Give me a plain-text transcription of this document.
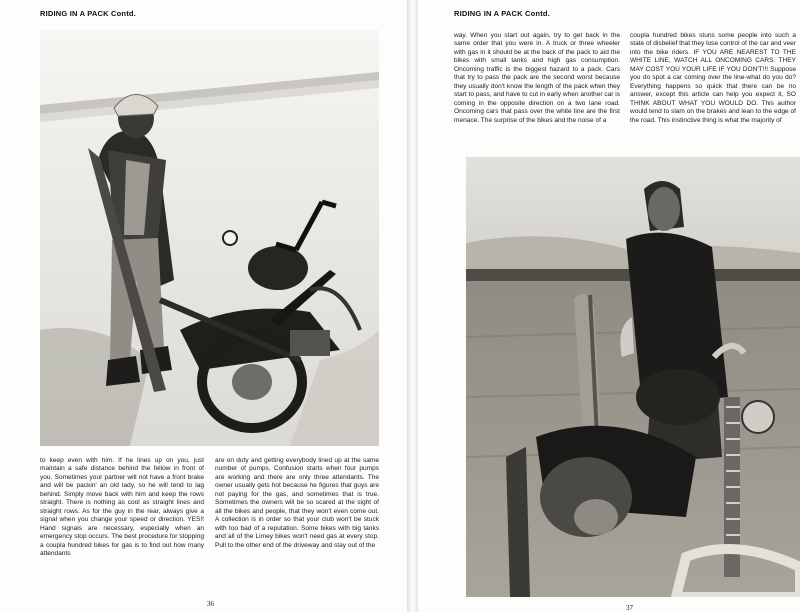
RIDING IN A PACK Contd.

to keep even with him. If he lines up on you, just maintain a safe distance behind the fellow in front of you. Sometimes your partner will not have a front brake and will be packin' an old lady, so he will tend to lag behind. Simply move back with him and keep the rows straight. There is nothing as cool as straight lines and straight rows. As for the guy in the rear, always give a signal when you change your speed or direction. YES!! Hand signals are necessary, especially when an emergency stop occurs. The best procedure for stopping a coupla hundred bikes for gas is to find out how many attendants

are on duty and getting everybody lined up at the same number of pumps. Confusion starts when four pumps are working and there are only three attendants. The owner usually gets hot because he figures that guys are not paying for the gas, and sometimes that is true. Sometimes the owners will be so scared at the sight of all the bikes and people, that they won't even come out. A collection is in order so that your club won't be stuck with too bad of a reputation. Some bikes with big tanks and all of the Limey bikes won't need gas at every stop. Pull to the other end of the driveway and stay out of the

36
RIDING IN A PACK Contd.

way. When you start out again, try to get back in the same order that you were in. A truck or three wheeler with gas in it should be at the back of the pack to aid the bikes with small tanks and high gas consumption. Oncoming traffic is the biggest hazard to a pack. Cars that try to pass the pack are the second worst because they usually don't know the length of the pack when they start to pass, and have to cut in early when another car is coming in the opposite direction on a two lane road. Oncoming cars that pass over the white line are the first menace. The surprise of the bikes and the noise of a

coupla hundred bikes stuns some people into such a state of disbelief that they lose control of the car and veer into the bike riders. IF YOU ARE NEAREST TO THE WHITE LINE, WATCH ALL ONCOMING CARS. THEY MAY COST YOU YOUR LIFE IF YOU DON'T!!! Suppose you do spot a car coming over the line-what do you do? Everything happens so quick that there can be no answer, except this article can help you expect it, SO THINK ABOUT WHAT YOU WOULD DO. This author would tend to slam on the brakes and lean to the edge of the road. This instinctive thing is what the majority of

37
